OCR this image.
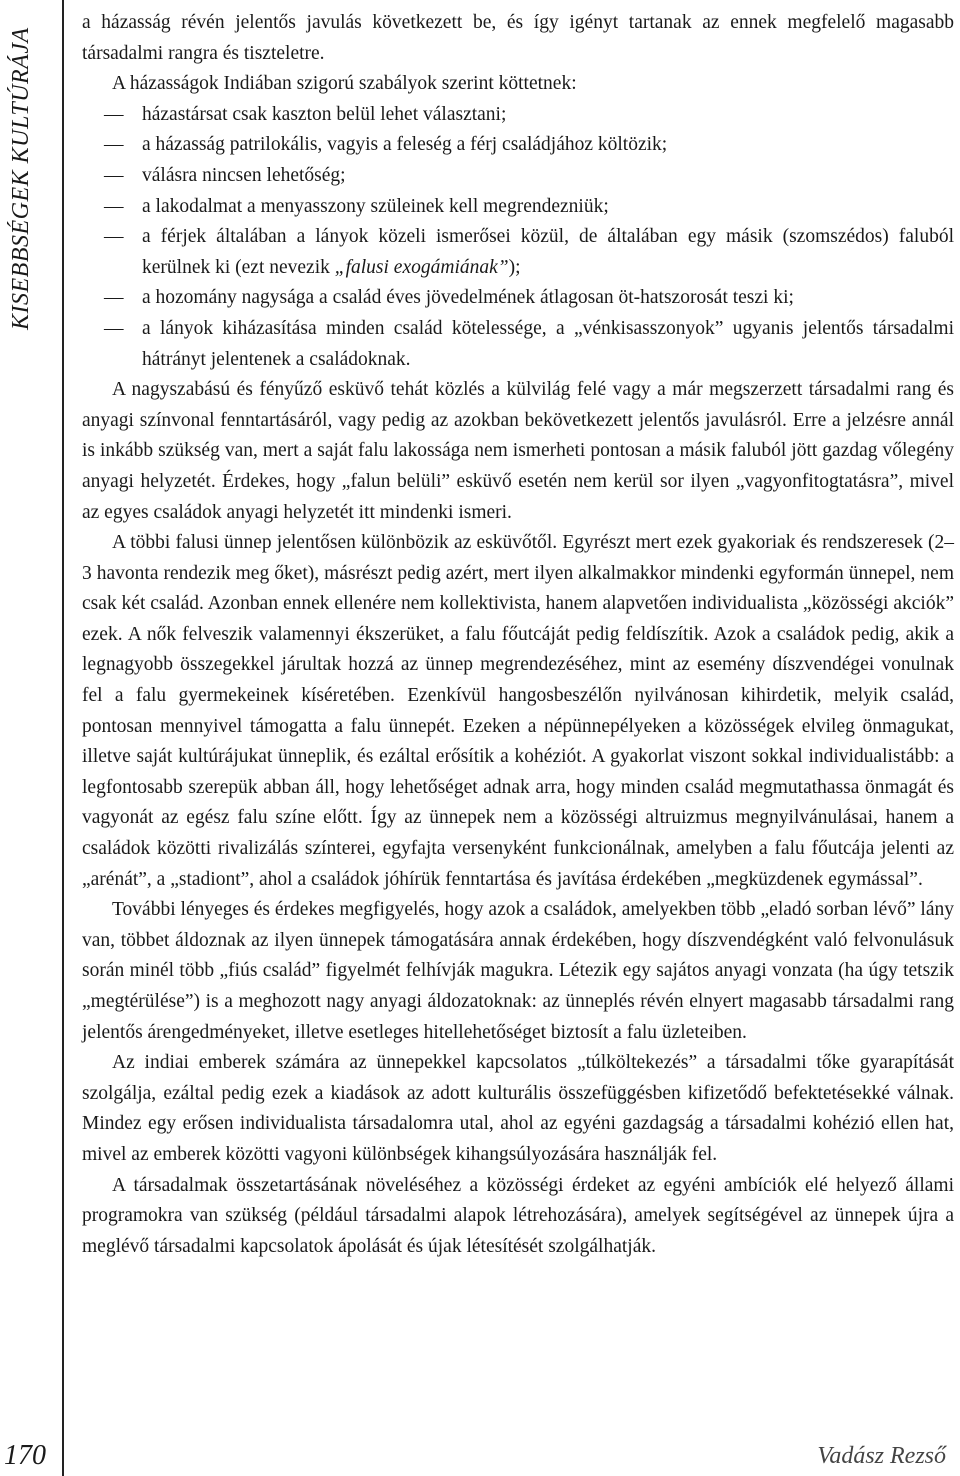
KISEBBSÉGEK KULTÚRÁJA
170

a házasság révén jelentős javulás következett be, és így igényt tartanak az ennek megfelelő magasabb társadalmi rangra és tiszteletre.

A házasságok Indiában szigorú szabályok szerint köttetnek:

— házastársat csak kaszton belül lehet választani;
— a házasság patrilokális, vagyis a feleség a férj családjához költözik;
— válásra nincsen lehetőség;
— a lakodalmat a menyasszony szüleinek kell megrendezniük;
— a férjek általában a lányok közeli ismerősei közül, de általában egy másik (szomszédos) faluból kerülnek ki (ezt nevezik „falusi exogámiának”);
— a hozomány nagysága a család éves jövedelmének átlagosan öt-hatszorosát teszi ki;
— a lányok kiházasítása minden család kötelessége, a „vénkisasszonyok” ugyanis jelentős társadalmi hátrányt jelentenek a családoknak.

A nagyszabású és fényűző esküvő tehát közlés a külvilág felé vagy a már megszerzett társadalmi rang és anyagi színvonal fenntartásáról, vagy pedig az azokban bekövetkezett jelentős javulásról. Erre a jelzésre annál is inkább szükség van, mert a saját falu lakossága nem ismerheti pontosan a másik faluból jött gazdag vőlegény anyagi helyzetét. Érdekes, hogy „falun belüli” esküvő esetén nem kerül sor ilyen „vagyonfitogtatásra”, mivel az egyes családok anyagi helyzetét itt mindenki ismeri.

A többi falusi ünnep jelentősen különbözik az esküvőtől. Egyrészt mert ezek gyakoriak és rendszeresek (2–3 havonta rendezik meg őket), másrészt pedig azért, mert ilyen alkalmakkor mindenki egyformán ünnepel, nem csak két család. Azonban ennek ellenére nem kollektivista, hanem alapvetően individualista „közösségi akciók” ezek. A nők felveszik valamennyi ékszerüket, a falu főutcáját pedig feldíszítik. Azok a családok pedig, akik a legnagyobb összegekkel járultak hozzá az ünnep megrendezéséhez, mint az esemény díszvendégei vonulnak fel a falu gyermekeinek kíséretében. Ezenkívül hangosbeszélőn nyilvánosan kihirdetik, melyik család, pontosan mennyivel támogatta a falu ünnepét. Ezeken a népünnepélyeken a közösségek elvileg önmagukat, illetve saját kultúrájukat ünneplik, és ezáltal erősítik a kohéziót. A gyakorlat viszont sokkal individualistább: a legfontosabb szerepük abban áll, hogy lehetőséget adnak arra, hogy minden család megmutathassa önmagát és vagyonát az egész falu színe előtt. Így az ünnepek nem a közösségi altruizmus megnyilvánulásai, hanem a családok közötti rivalizálás színterei, egyfajta versenyként funkcionálnak, amelyben a falu főutcája jelenti az „arénát”, a „stadiont”, ahol a családok jóhírük fenntartása és javítása érdekében „megküzdenek egymással”.

További lényeges és érdekes megfigyelés, hogy azok a családok, amelyekben több „eladó sorban lévő” lány van, többet áldoznak az ilyen ünnepek támogatására annak érdekében, hogy díszvendégként való felvonulásuk során minél több „fiús család” figyelmét felhívják magukra. Létezik egy sajátos anyagi vonzata (ha úgy tetszik „megtérülése”) is a meghozott nagy anyagi áldozatoknak: az ünneplés révén elnyert magasabb társadalmi rang jelentős árengedményeket, illetve esetleges hitellehetőséget biztosít a falu üzleteiben.

Az indiai emberek számára az ünnepekkel kapcsolatos „túlköltekezés” a társadalmi tőke gyarapítását szolgálja, ezáltal pedig ezek a kiadások az adott kulturális összefüggésben kifizetődő befektetésekké válnak. Mindez egy erősen individualista társadalomra utal, ahol az egyéni gazdagság a társadalmi kohézió ellen hat, mivel az emberek közötti vagyoni különbségek kihangsúlyozására használják fel.

A társadalmak összetartásának növeléséhez a közösségi érdeket az egyéni ambíciók elé helyező állami programokra van szükség (például társadalmi alapok létrehozására), amelyek segítségével az ünnepek újra a meglévő társadalmi kapcsolatok ápolását és újak létesítését szolgálhatják.

Vadász Rezső
